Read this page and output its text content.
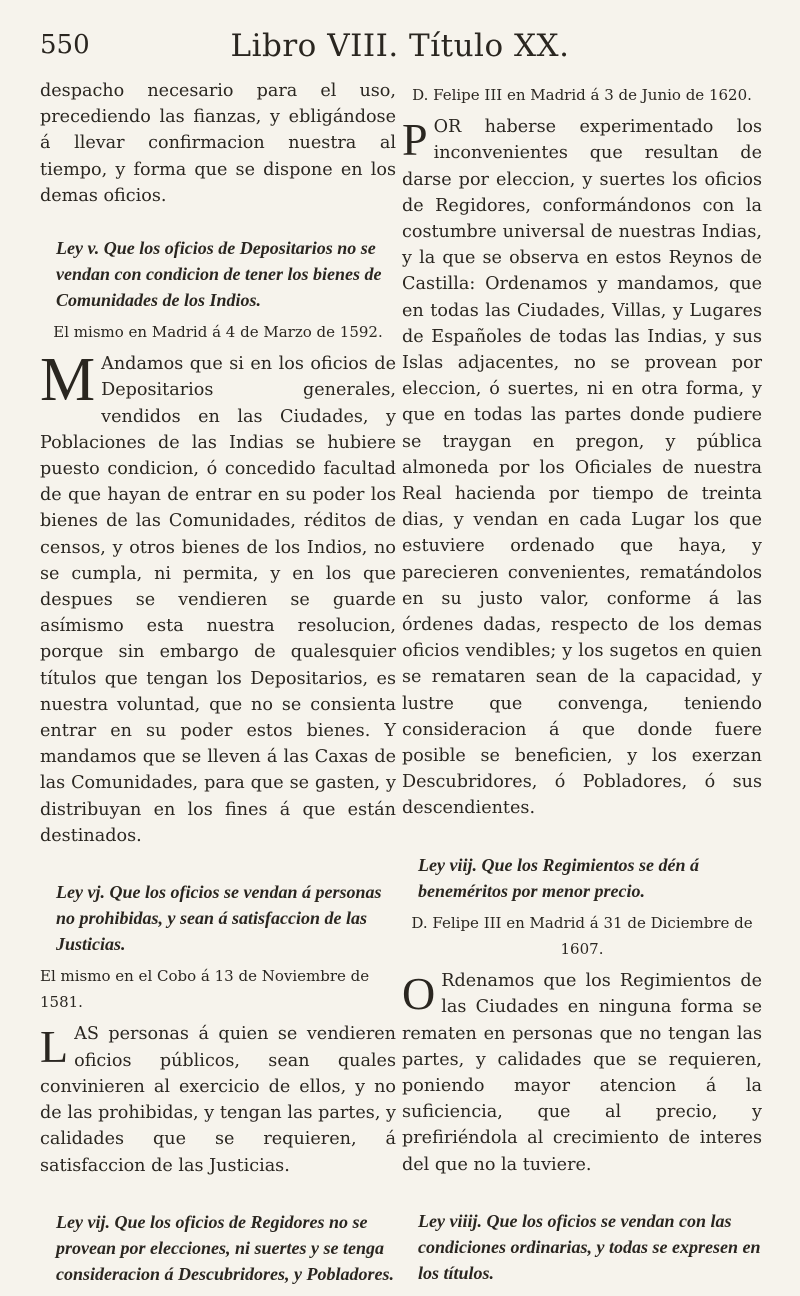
550	Libro VIII. Título XX.

despacho necesario para el uso, precediendo las fianzas, y ebligándose á llevar confirmacion nuestra al tiempo, y forma que se dispone en los demas oficios.

Ley v. Que los oficios de Depositarios no se vendan con condicion de tener los bienes de Comunidades de los Indios.
El mismo en Madrid á 4 de Marzo de 1592.

M Andamos que si en los oficios de Depositarios generales, vendidos en las Ciudades, y Poblaciones de las Indias se hubiere puesto condicion, ó concedido facultad de que hayan de entrar en su poder los bienes de las Comunidades, réditos de censos, y otros bienes de los Indios, no se cumpla, ni permita, y en los que despues se vendieren se guarde asímismo esta nuestra resolucion, porque sin embargo de qualesquier títulos que tengan los Depositarios, es nuestra voluntad, que no se consienta entrar en su poder estos bienes. Y mandamos que se lleven á las Caxas de las Comunidades, para que se gasten, y distribuyan en los fines á que están destinados.

Ley vj. Que los oficios se vendan á personas no prohibidas, y sean á satisfaccion de las Justicias.
El mismo en el Cobo á 13 de Noviembre de 1581.

L AS personas á quien se vendieren oficios públicos, sean quales convinieren al exercicio de ellos, y no de las prohibidas, y tengan las partes, y calidades que se requieren, á satisfaccion de las Justicias.

Ley vij. Que los oficios de Regidores no se provean por elecciones, ni suertes y se tenga consideracion á Descubridores, y Pobladores.
D. Felipe III en Madrid á 3 de Junio de 1620.

P OR haberse experimentado los inconvenientes que resultan de darse por eleccion, y suertes los oficios de Regidores, conformándonos con la costumbre universal de nuestras Indias, y la que se observa en estos Reynos de Castilla: Ordenamos y mandamos, que en todas las Ciudades, Villas, y Lugares de Españoles de todas las Indias, y sus Islas adjacentes, no se provean por eleccion, ó suertes, ni en otra forma, y que en todas las partes donde pudiere se traygan en pregon, y pública almoneda por los Oficiales de nuestra Real hacienda por tiempo de treinta dias, y vendan en cada Lugar los que estuviere ordenado que haya, y parecieren convenientes, rematándolos en su justo valor, conforme á las órdenes dadas, respecto de los demas oficios vendibles; y los sugetos en quien se remataren sean de la capacidad, y lustre que convenga, teniendo consideracion á que donde fuere posible se beneficien, y los exerzan Descubridores, ó Pobladores, ó sus descendientes.

Ley viij. Que los Regimientos se dén á beneméritos por menor precio.
D. Felipe III en Madrid á 31 de Diciembre de 1607.

O Rdenamos que los Regimientos de las Ciudades en ninguna forma se rematen en personas que no tengan las partes, y calidades que se requieren, poniendo mayor atencion á la suficiencia, que al precio, y prefiriéndola al crecimiento de interes del que no la tuviere.

Ley viiij. Que los oficios se vendan con las condiciones ordinarias, y todas se expresen en los títulos.
